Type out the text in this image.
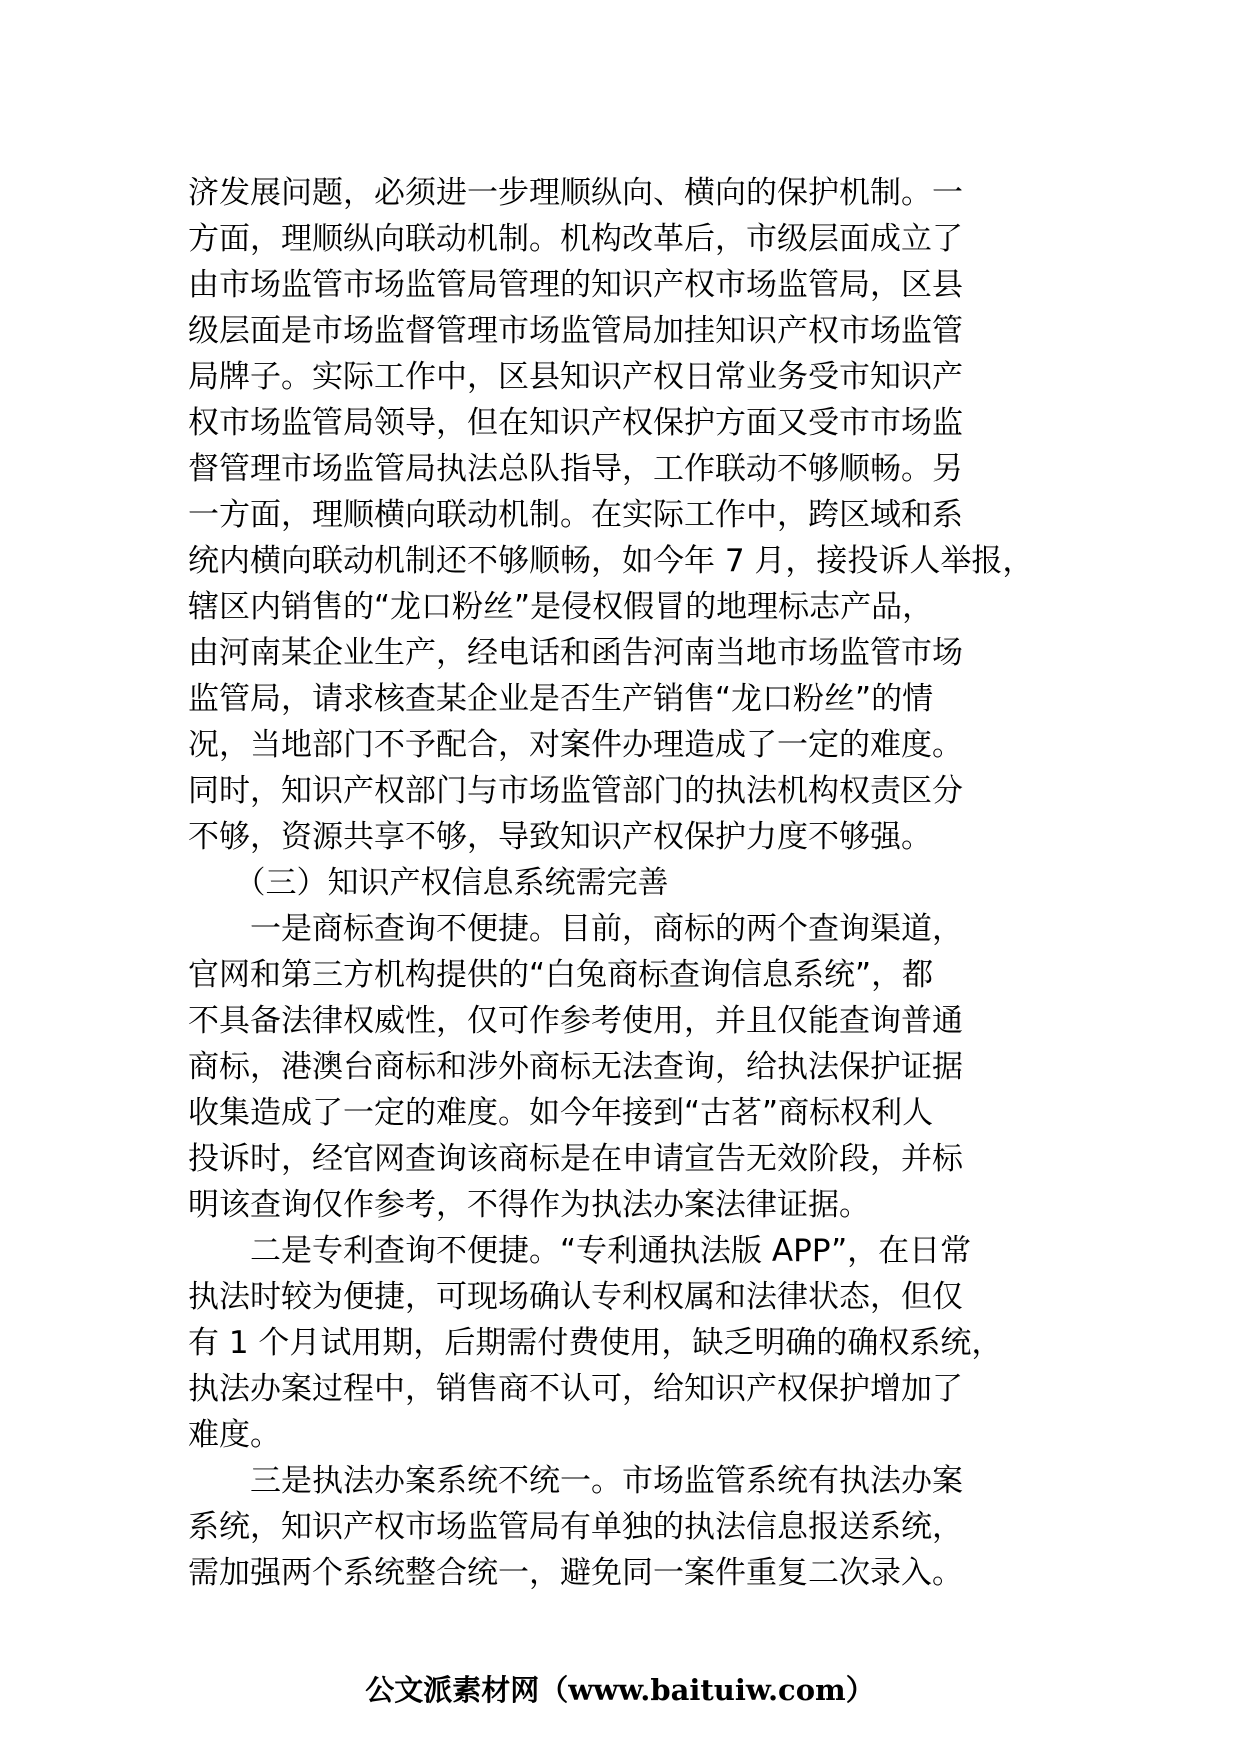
济发展问题，必须进一步理顺纵向、横向的保护机制。一
方面，理顺纵向联动机制。机构改革后，市级层面成立了
由市场监管市场监管局管理的知识产权市场监管局，区县
级层面是市场监督管理市场监管局加挂知识产权市场监管
局牌子。实际工作中，区县知识产权日常业务受市知识产
权市场监管局领导，但在知识产权保护方面又受市市场监
督管理市场监管局执法总队指导，工作联动不够顺畅。另
一方面，理顺横向联动机制。在实际工作中，跨区域和系
统内横向联动机制还不够顺畅，如今年 7 月，接投诉人举报，
辖区内销售的“龙口粉丝”是侵权假冒的地理标志产品，
由河南某企业生产，经电话和函告河南当地市场监管市场
监管局，请求核查某企业是否生产销售“龙口粉丝”的情
况，当地部门不予配合，对案件办理造成了一定的难度。
同时，知识产权部门与市场监管部门的执法机构权责区分
不够，资源共享不够，导致知识产权保护力度不够强。
　　（三）知识产权信息系统需完善
　　一是商标查询不便捷。目前，商标的两个查询渠道，
官网和第三方机构提供的“白兔商标查询信息系统”，都
不具备法律权威性，仅可作参考使用，并且仅能查询普通
商标，港澳台商标和涉外商标无法查询，给执法保护证据
收集造成了一定的难度。如今年接到“古茗”商标权利人
投诉时，经官网查询该商标是在申请宣告无效阶段，并标
明该查询仅作参考，不得作为执法办案法律证据。
　　二是专利查询不便捷。“专利通执法版 APP”，在日常
执法时较为便捷，可现场确认专利权属和法律状态，但仅
有 1 个月试用期，后期需付费使用，缺乏明确的确权系统，
执法办案过程中，销售商不认可，给知识产权保护增加了
难度。
　　三是执法办案系统不统一。市场监管系统有执法办案
系统，知识产权市场监管局有单独的执法信息报送系统，
需加强两个系统整合统一，避免同一案件重复二次录入。
公文派素材网（www.baituiw.com）
